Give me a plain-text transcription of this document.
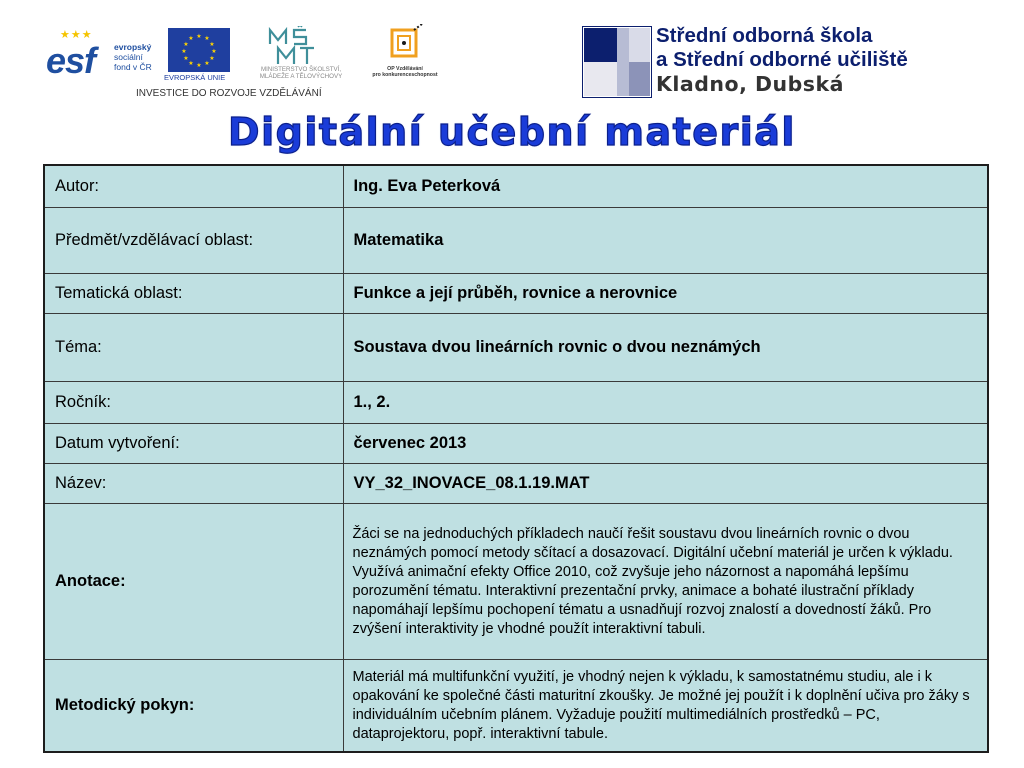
★★★
esf evropský
sociální
fond v ČR
★ ★
★
★
★
★
★
★
★
★
★
★
EVROPSKÁ UNIE
MINISTERSTVO ŠKOLSTVÍ,
MLÁDEŽE A TĚLOVÝCHOVY
OP Vzdělávání
pro konkurenceschopnost
INVESTICE DO ROZVOJE VZDĚLÁVÁNÍ
Střední odborná škola
a Střední odborné učiliště
Kladno, Dubská
Digitální učební materiál
Autor:	Ing. Eva Peterková
Předmět/vzdělávací oblast:	Matematika
Tematická oblast:	Funkce a její průběh, rovnice a nerovnice
Téma:	Soustava dvou lineárních rovnic o dvou neznámých
Ročník:	1., 2.
Datum vytvoření:	červenec 2013
Název:	VY_32_INOVACE_08.1.19.MAT
Anotace:	Žáci se na jednoduchých příkladech naučí řešit soustavu dvou lineárních rovnic o dvou neznámých pomocí metody sčítací a dosazovací. Digitální učební materiál je určen k výkladu. Využívá animační efekty Office 2010, což zvyšuje jeho názornost a napomáhá lepšímu porozumění tématu. Interaktivní prezentační prvky, animace a bohaté ilustrační příklady napomáhají lepšímu pochopení tématu a usnadňují rozvoj znalostí a dovedností žáků. Pro zvýšení interaktivity je vhodné použít interaktivní tabuli.
Metodický pokyn:	Materiál má multifunkční využití, je vhodný nejen k výkladu, k samostatnému studiu, ale i k opakování ke společné části maturitní zkoušky. Je možné jej použít i k doplnění učiva pro žáky s individuálním učebním plánem. Vyžaduje použití multimediálních prostředků – PC, dataprojektoru, popř. interaktivní tabule.
